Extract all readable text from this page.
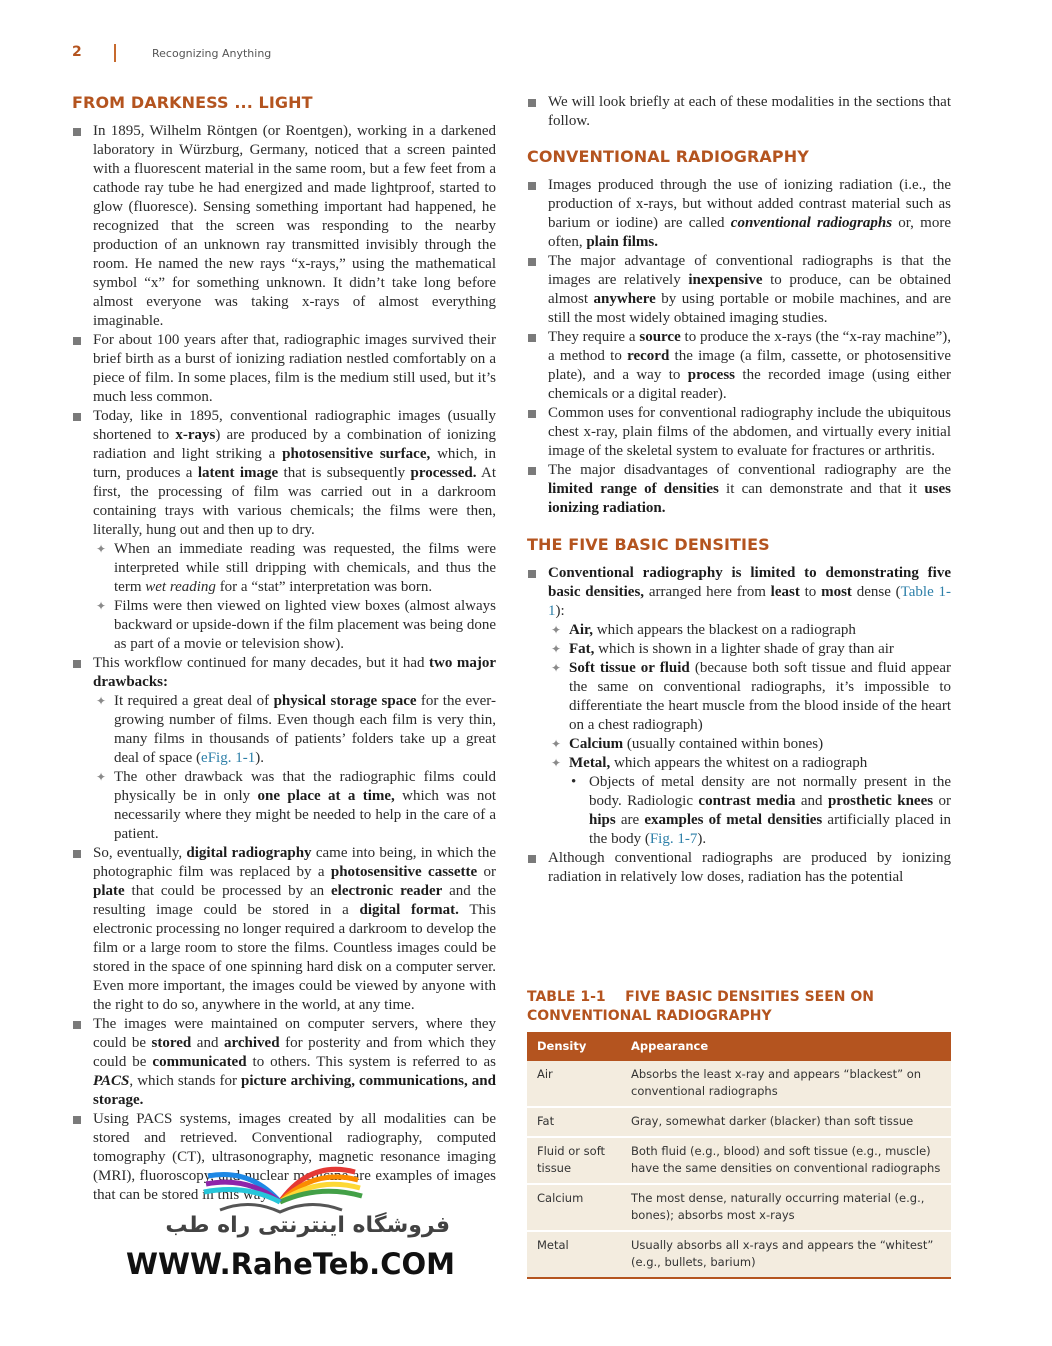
2	Recognizing Anything
FROM DARKNESS ... LIGHT

In 1895, Wilhelm Röntgen (or Roentgen), working in a darkened laboratory in Würzburg, Germany, noticed that a screen painted with a fluorescent material in the same room, but a few feet from a cathode ray tube he had energized and made lightproof, started to glow (fluoresce). Sensing something important had happened, he recognized that the screen was responding to the nearby production of an unknown ray transmitted invisibly through the room. He named the new rays “x-rays,” using the mathematical symbol “x” for something unknown. It didn’t take long before almost everyone was taking x-rays of almost everything imaginable.

For about 100 years after that, radiographic images survived their brief birth as a burst of ionizing radiation nestled comfortably on a piece of film. In some places, film is the medium still used, but it’s much less common.

Today, like in 1895, conventional radiographic images (usually shortened to x-rays) are produced by a combination of ionizing radiation and light striking a photosensitive surface, which, in turn, produces a latent image that is subsequently processed. At first, the processing of film was carried out in a darkroom containing trays with various chemicals; the films were then, literally, hung out and then up to dry.

✦ When an immediate reading was requested, the films were interpreted while still dripping with chemicals, and thus the term wet reading for a “stat” interpretation was born.

✦ Films were then viewed on lighted view boxes (almost always backward or upside-down if the film placement was being done as part of a movie or television show).

This workflow continued for many decades, but it had two major drawbacks:

✦ It required a great deal of physical storage space for the ever-growing number of films. Even though each film is very thin, many films in thousands of patients’ folders take up a great deal of space (eFig. 1-1).

✦ The other drawback was that the radiographic films could physically be in only one place at a time, which was not necessarily where they might be needed to help in the care of a patient.

So, eventually, digital radiography came into being, in which the photographic film was replaced by a photosensitive cassette or plate that could be processed by an electronic reader and the resulting image could be stored in a digital format. This electronic processing no longer required a darkroom to develop the film or a large room to store the films. Countless images could be stored in the space of one spinning hard disk on a computer server. Even more important, the images could be viewed by anyone with the right to do so, anywhere in the world, at any time.

The images were maintained on computer servers, where they could be stored and archived for posterity and from which they could be communicated to others. This system is referred to as PACS, which stands for picture archiving, communications, and storage.

Using PACS systems, images created by all modalities can be stored and retrieved. Conventional radiography, computed tomography (CT), ultrasonography, magnetic resonance imaging (MRI), fluoroscopy, and nuclear medicine are examples of images that can be stored in this way.

We will look briefly at each of these modalities in the sections that follow.

CONVENTIONAL RADIOGRAPHY

Images produced through the use of ionizing radiation (i.e., the production of x-rays, but without added contrast material such as barium or iodine) are called conventional radiographs or, more often, plain films.

The major advantage of conventional radiographs is that the images are relatively inexpensive to produce, can be obtained almost anywhere by using portable or mobile machines, and are still the most widely obtained imaging studies.

They require a source to produce the x-rays (the “x-ray machine”), a method to record the image (a film, cassette, or photosensitive plate), and a way to process the recorded image (using either chemicals or a digital reader).

Common uses for conventional radiography include the ubiquitous chest x-ray, plain films of the abdomen, and virtually every initial image of the skeletal system to evaluate for fractures or arthritis.

The major disadvantages of conventional radiography are the limited range of densities it can demonstrate and that it uses ionizing radiation.

THE FIVE BASIC DENSITIES

Conventional radiography is limited to demonstrating five basic densities, arranged here from least to most dense (Table 1-1):

✦ Air, which appears the blackest on a radiograph

✦ Fat, which is shown in a lighter shade of gray than air

✦ Soft tissue or fluid (because both soft tissue and fluid appear the same on conventional radiographs, it’s impossible to differentiate the heart muscle from the blood inside of the heart on a chest radiograph)

✦ Calcium (usually contained within bones)

✦ Metal, which appears the whitest on a radiograph

• Objects of metal density are not normally present in the body. Radiologic contrast media and prosthetic knees or hips are examples of metal densities artificially placed in the body (Fig. 1-7).

Although conventional radiographs are produced by ionizing radiation in relatively low doses, radiation has the potential

TABLE 1-1    FIVE BASIC DENSITIES SEEN ON CONVENTIONAL RADIOGRAPHY
Density	Appearance
Air	Absorbs the least x-ray and appears “blackest” on conventional radiographs
Fat	Gray, somewhat darker (blacker) than soft tissue
Fluid or soft tissue	Both fluid (e.g., blood) and soft tissue (e.g., muscle) have the same densities on conventional radiographs
Calcium	The most dense, naturally occurring material (e.g., bones); absorbs most x-rays
Metal	Usually absorbs all x-rays and appears the “whitest” (e.g., bullets, barium)
فروشگاه اینترنتی راه طب
WWW.RaheTeb.COM
